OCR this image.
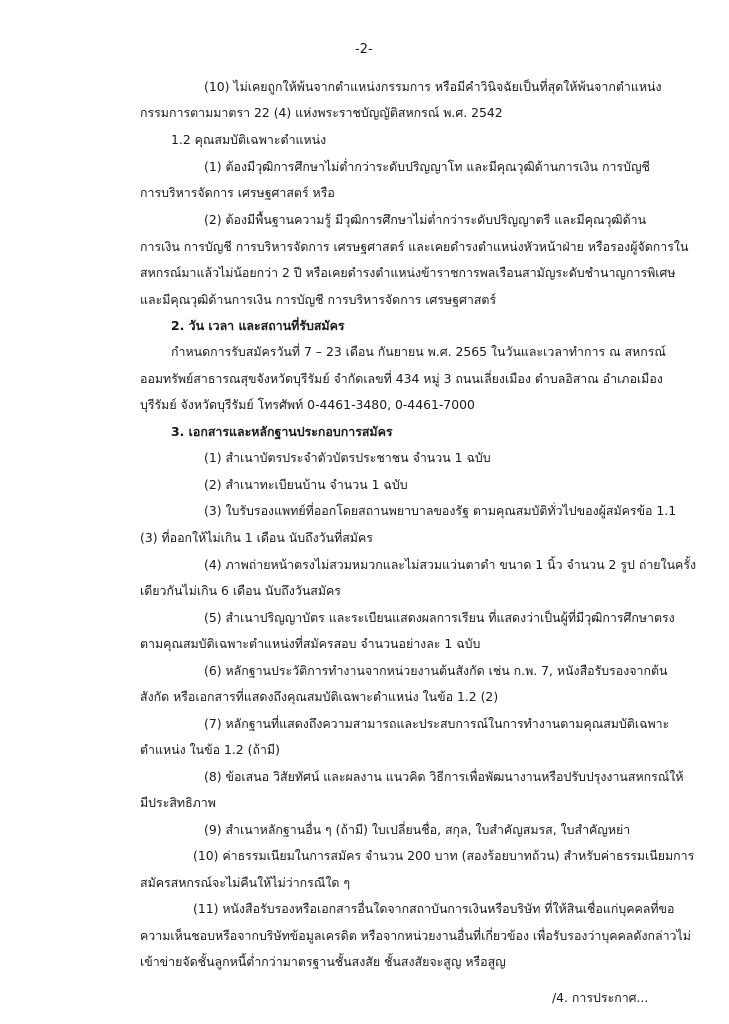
-2-
(10) ไม่เคยถูกให้พ้นจากตำแหน่งกรรมการ หรือมีคำวินิจฉัยเป็นที่สุดให้พ้นจากตำแหน่ง
กรรมการตามมาตรา 22 (4) แห่งพระราชบัญญัติสหกรณ์ พ.ศ. 2542
1.2 คุณสมบัติเฉพาะตำแหน่ง
(1) ต้องมีวุฒิการศึกษาไม่ต่ำกว่าระดับปริญญาโท และมีคุณวุฒิด้านการเงิน การบัญชี
การบริหารจัดการ เศรษฐศาสตร์ หรือ
(2) ต้องมีพื้นฐานความรู้ มีวุฒิการศึกษาไม่ต่ำกว่าระดับปริญญาตรี และมีคุณวุฒิด้าน
การเงิน การบัญชี การบริหารจัดการ เศรษฐศาสตร์ และเคยดำรงตำแหน่งหัวหน้าฝ่าย หรือรองผู้จัดการใน
สหกรณ์มาแล้วไม่น้อยกว่า 2 ปี หรือเคยดำรงตำแหน่งข้าราชการพลเรือนสามัญระดับชำนาญการพิเศษ
และมีคุณวุฒิด้านการเงิน การบัญชี การบริหารจัดการ เศรษฐศาสตร์
2. วัน เวลา และสถานที่รับสมัคร
กำหนดการรับสมัครวันที่ 7 – 23 เดือน กันยายน พ.ศ. 2565 ในวันและเวลาทำการ ณ สหกรณ์
ออมทรัพย์สาธารณสุขจังหวัดบุรีรัมย์ จำกัดเลขที่ 434 หมู่ 3 ถนนเลี่ยงเมือง ตำบลอิสาณ อำเภอเมือง
บุรีรัมย์ จังหวัดบุรีรัมย์ โทรศัพท์ 0-4461-3480, 0-4461-7000
3. เอกสารและหลักฐานประกอบการสมัคร
(1) สำเนาบัตรประจำตัวบัตรประชาชน จำนวน 1 ฉบับ
(2) สำเนาทะเบียนบ้าน จำนวน 1 ฉบับ
(3) ใบรับรองแพทย์ที่ออกโดยสถานพยาบาลของรัฐ ตามคุณสมบัติทั่วไปของผู้สมัครข้อ 1.1
(3) ที่ออกให้ไม่เกิน 1 เดือน นับถึงวันที่สมัคร
(4) ภาพถ่ายหน้าตรงไม่สวมหมวกและไม่สวมแว่นตาดำ ขนาด 1 นิ้ว จำนวน 2 รูป ถ่ายในครั้ง
เดียวกันไม่เกิน 6 เดือน นับถึงวันสมัคร
(5) สำเนาปริญญาบัตร และระเบียนแสดงผลการเรียน ที่แสดงว่าเป็นผู้ที่มีวุฒิการศึกษาตรง
ตามคุณสมบัติเฉพาะตำแหน่งที่สมัครสอบ จำนวนอย่างละ 1 ฉบับ
(6) หลักฐานประวัติการทำงานจากหน่วยงานต้นสังกัด เช่น ก.พ. 7, หนังสือรับรองจากต้น
สังกัด หรือเอกสารที่แสดงถึงคุณสมบัติเฉพาะตำแหน่ง ในข้อ 1.2 (2)
(7) หลักฐานที่แสดงถึงความสามารถและประสบการณ์ในการทำงานตามคุณสมบัติเฉพาะ
ตำแหน่ง ในข้อ 1.2 (ถ้ามี)
(8) ข้อเสนอ วิสัยทัศน์ และผลงาน แนวคิด วิธีการเพื่อพัฒนางานหรือปรับปรุงงานสหกรณ์ให้
มีประสิทธิภาพ
(9) สำเนาหลักฐานอื่น ๆ (ถ้ามี) ใบเปลี่ยนชื่อ, สกุล, ใบสำคัญสมรส, ใบสำคัญหย่า
(10) ค่าธรรมเนียมในการสมัคร จำนวน 200 บาท (สองร้อยบาทถ้วน) สำหรับค่าธรรมเนียมการ
สมัครสหกรณ์จะไม่คืนให้ไม่ว่ากรณีใด ๆ
(11) หนังสือรับรองหรือเอกสารอื่นใดจากสถาบันการเงินหรือบริษัท ที่ให้สินเชื่อแก่บุคคลที่ขอ
ความเห็นชอบหรือจากบริษัทข้อมูลเครดิต หรือจากหน่วยงานอื่นที่เกี่ยวข้อง เพื่อรับรองว่าบุคคลดังกล่าวไม่
เข้าข่ายจัดชั้นลูกหนี้ต่ำกว่ามาตรฐานชั้นสงสัย ชั้นสงสัยจะสูญ หรือสูญ
/4. การประกาศ...
